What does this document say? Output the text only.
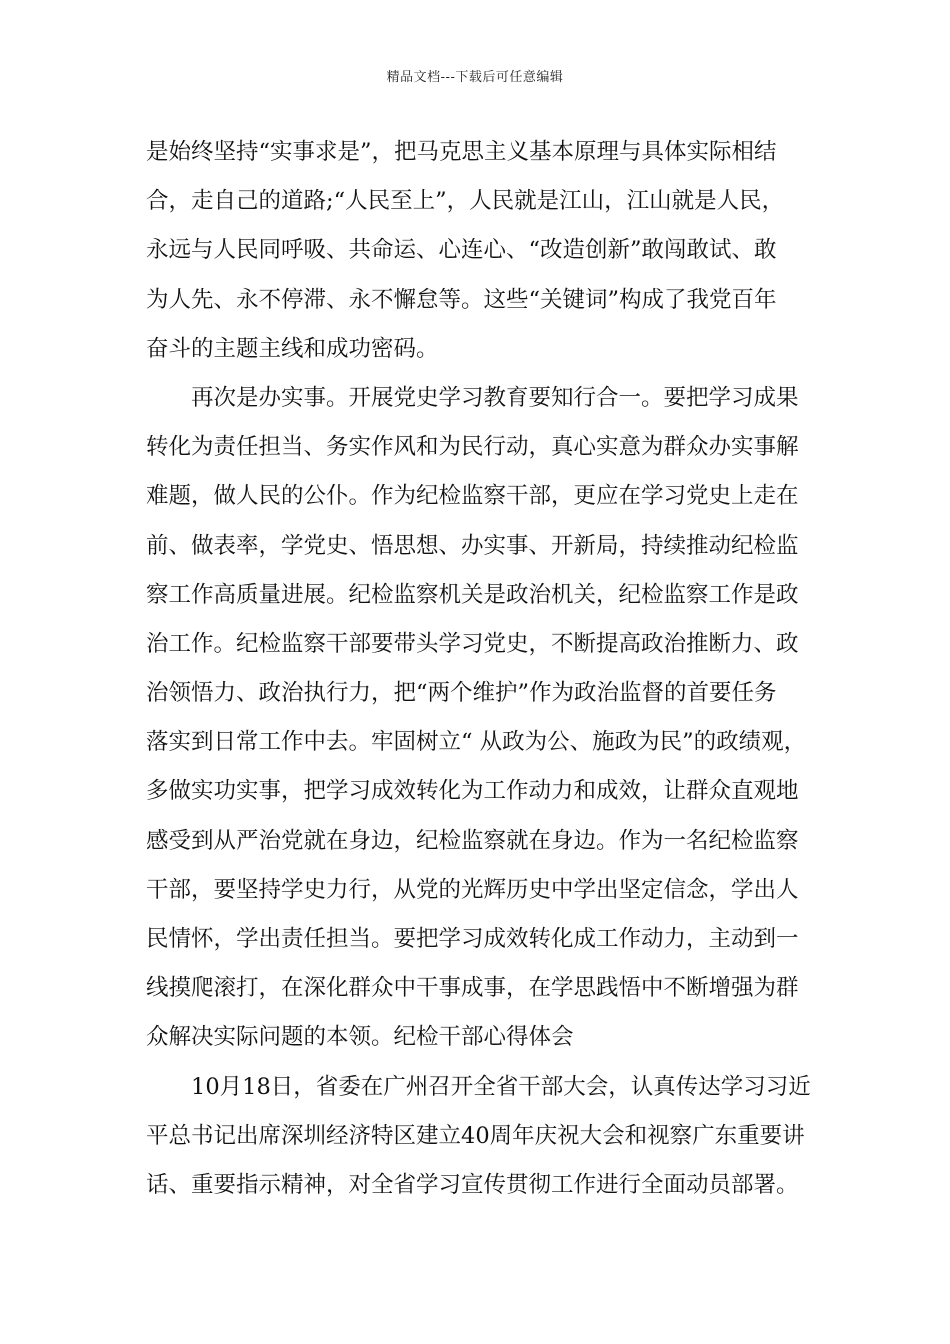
精品文档---下载后可任意编辑
是始终坚持“实事求是”，把马克思主义基本原理与具体实际相结
合，走自己的道路;“人民至上”，人民就是江山，江山就是人民，
永远与人民同呼吸、共命运、心连心、“改造创新”敢闯敢试、敢
为人先、永不停滞、永不懈怠等。这些“关键词”构成了我党百年
奋斗的主题主线和成功密码。
再次是办实事。开展党史学习教育要知行合一。要把学习成果
转化为责任担当、务实作风和为民行动，真心实意为群众办实事解
难题，做人民的公仆。作为纪检监察干部，更应在学习党史上走在
前、做表率，学党史、悟思想、办实事、开新局，持续推动纪检监
察工作高质量进展。纪检监察机关是政治机关，纪检监察工作是政
治工作。纪检监察干部要带头学习党史，不断提高政治推断力、政
治领悟力、政治执行力，把“两个维护”作为政治监督的首要任务
落实到日常工作中去。牢固树立“ 从政为公、施政为民”的政绩观，
多做实功实事，把学习成效转化为工作动力和成效，让群众直观地
感受到从严治党就在身边，纪检监察就在身边。作为一名纪检监察
干部，要坚持学史力行，从党的光辉历史中学出坚定信念，学出人
民情怀，学出责任担当。要把学习成效转化成工作动力，主动到一
线摸爬滚打，在深化群众中干事成事，在学思践悟中不断增强为群
众解决实际问题的本领。纪检干部心得体会
10月18日，省委在广州召开全省干部大会，认真传达学习习近
平总书记出席深圳经济特区建立40周年庆祝大会和视察广东重要讲
话、重要指示精神，对全省学习宣传贯彻工作进行全面动员部署。
